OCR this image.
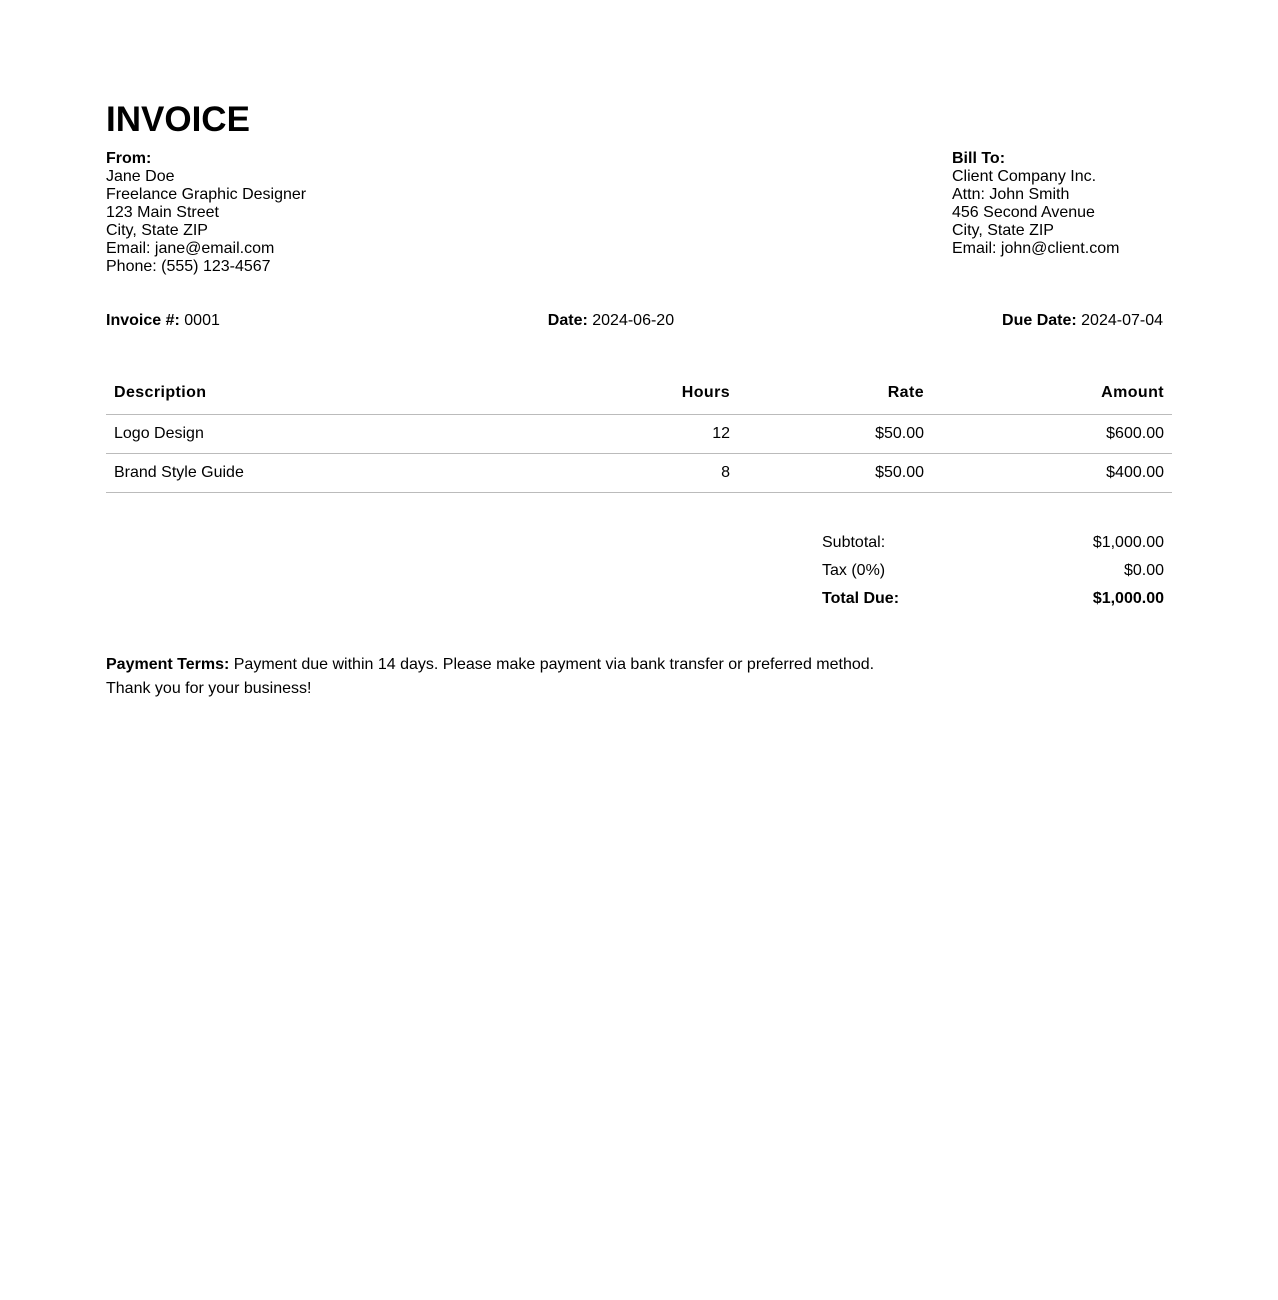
INVOICE
From:
Jane Doe
Freelance Graphic Designer
123 Main Street
City, State ZIP
Email: jane@email.com
Phone: (555) 123-4567
Bill To:
Client Company Inc.
Attn: John Smith
456 Second Avenue
City, State ZIP
Email: john@client.com
Invoice #: 0001	Date: 2024-06-20	Due Date: 2024-07-04
Description	Hours	Rate	Amount
Logo Design	12	$50.00	$600.00
Brand Style Guide	8	$50.00	$400.00
Subtotal:	$1,000.00
Tax (0%)	$0.00
Total Due:	$1,000.00
Payment Terms: Payment due within 14 days. Please make payment via bank transfer or preferred method.
Thank you for your business!
